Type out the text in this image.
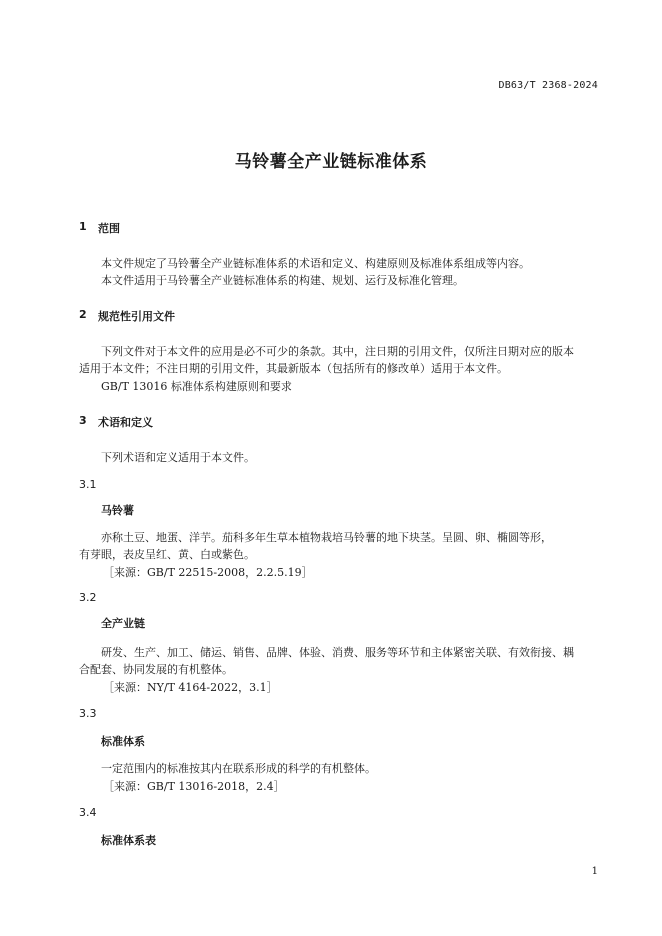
DB63/T 2368-2024
马铃薯全产业链标准体系
1 范围
本文件规定了马铃薯全产业链标准体系的术语和定义、构建原则及标准体系组成等内容。
本文件适用于马铃薯全产业链标准体系的构建、规划、运行及标准化管理。
2 规范性引用文件
下列文件对于本文件的应用是必不可少的条款。其中，注日期的引用文件，仅所注日期对应的版本
适用于本文件；不注日期的引用文件，其最新版本（包括所有的修改单）适用于本文件。
GB/T 13016 标准体系构建原则和要求
3 术语和定义
下列术语和定义适用于本文件。
3.1
马铃薯
亦称土豆、地蛋、洋芋。茄科多年生草本植物栽培马铃薯的地下块茎。呈圆、卵、椭圆等形，
有芽眼，表皮呈红、黄、白或紫色。
［来源：GB/T 22515-2008，2.2.5.19］
3.2
全产业链
研发、生产、加工、储运、销售、品牌、体验、消费、服务等环节和主体紧密关联、有效衔接、耦
合配套、协同发展的有机整体。
［来源：NY/T 4164-2022，3.1］
3.3
标准体系
一定范围内的标准按其内在联系形成的科学的有机整体。
［来源：GB/T 13016-2018，2.4］
3.4
标准体系表
1
